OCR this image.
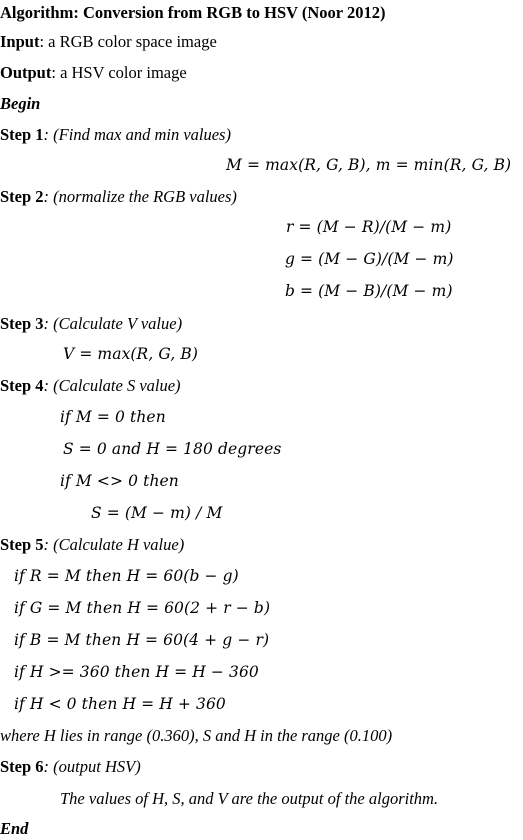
Algorithm: Conversion from RGB to HSV (Noor 2012)
Input: a RGB color space image
Output: a HSV color image
Begin
Step 1: (Find max and min values)
M = max(R, G, B), m = min(R, G, B)
Step 2: (normalize the RGB values)
r = (M − R)/(M − m)
g = (M − G)/(M − m)
b = (M − B)/(M − m)
Step 3: (Calculate V value)
V = max(R, G, B)
Step 4: (Calculate S value)
if M = 0 then
S = 0 and H = 180 degrees
if M <> 0 then
S = (M − m) / M
Step 5: (Calculate H value)
if R = M then H = 60(b − g)
if G = M then H = 60(2 + r − b)
if B = M then H = 60(4 + g − r)
if H >= 360 then H = H − 360
if H < 0 then H = H + 360
where H lies in range (0.360), S and H in the range (0.100)
Step 6: (output HSV)
The values of H, S, and V are the output of the algorithm.
End
